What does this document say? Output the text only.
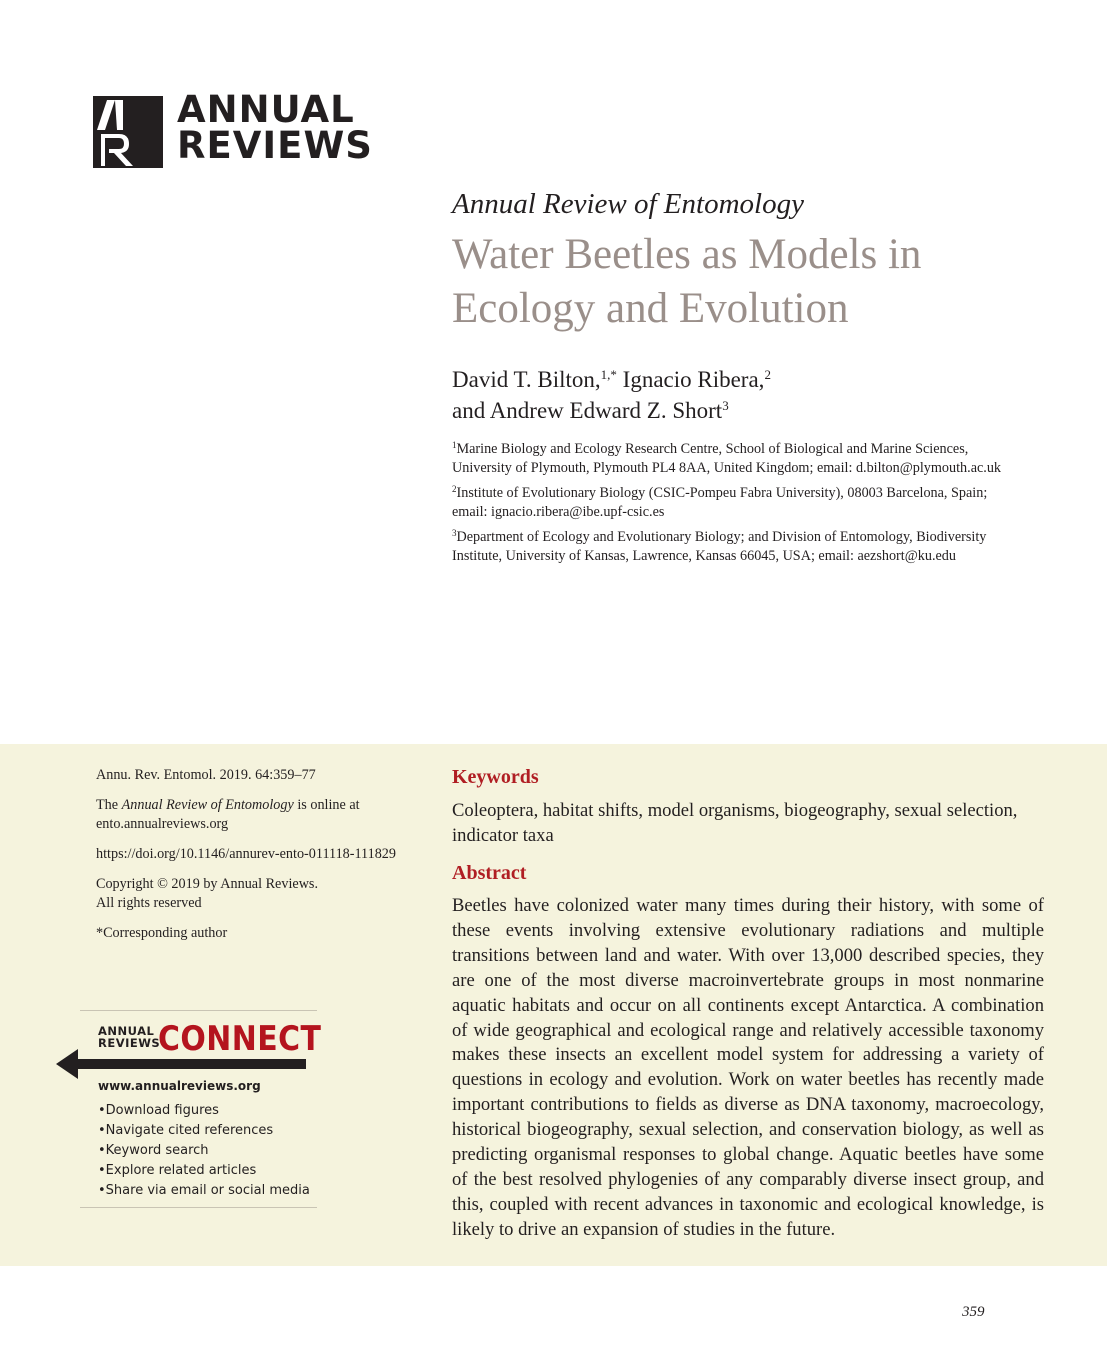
ANNUAL
REVIEWS

Annual Review of Entomology

Water Beetles as Models in Ecology and Evolution

David T. Bilton,$^{1,*}$ Ignacio Ribera,$^2$
and Andrew Edward Z. Short$^3$

$^1$Marine Biology and Ecology Research Centre, School of Biological and Marine Sciences, University of Plymouth, Plymouth PL4 8AA, United Kingdom; email: d.bilton@plymouth.ac.uk

$^2$Institute of Evolutionary Biology (CSIC-Pompeu Fabra University), 08003 Barcelona, Spain; email: ignacio.ribera@ibe.upf-csic.es

$^3$Department of Ecology and Evolutionary Biology; and Division of Entomology, Biodiversity Institute, University of Kansas, Lawrence, Kansas 66045, USA; email: aezshort@ku.edu

Annu. Rev. Entomol. 2019. 64:359–77

The Annual Review of Entomology is online at ento.annualreviews.org

https://doi.org/10.1146/annurev-ento-011118-111829

Copyright © 2019 by Annual Reviews.
All rights reserved

*Corresponding author

ANNUAL
REVIEWS
CONNECT
www.annualreviews.org
• Download figures
• Navigate cited references
• Keyword search
• Explore related articles
• Share via email or social media
Keywords

Coleoptera, habitat shifts, model organisms, biogeography, sexual selection, indicator taxa

Abstract

Beetles have colonized water many times during their history, with some of these events involving extensive evolutionary radiations and multiple transitions between land and water. With over 13,000 described species, they are one of the most diverse macroinvertebrate groups in most nonmarine aquatic habitats and occur on all continents except Antarctica. A combination of wide geographical and ecological range and relatively accessible taxonomy makes these insects an excellent model system for addressing a variety of questions in ecology and evolution. Work on water beetles has recently made important contributions to fields as diverse as DNA taxonomy, macroecology, historical biogeography, sexual selection, and conservation biology, as well as predicting organismal responses to global change. Aquatic beetles have some of the best resolved phylogenies of any comparably diverse insect group, and this, coupled with recent advances in taxonomic and ecological knowledge, is likely to drive an expansion of studies in the future.

359
